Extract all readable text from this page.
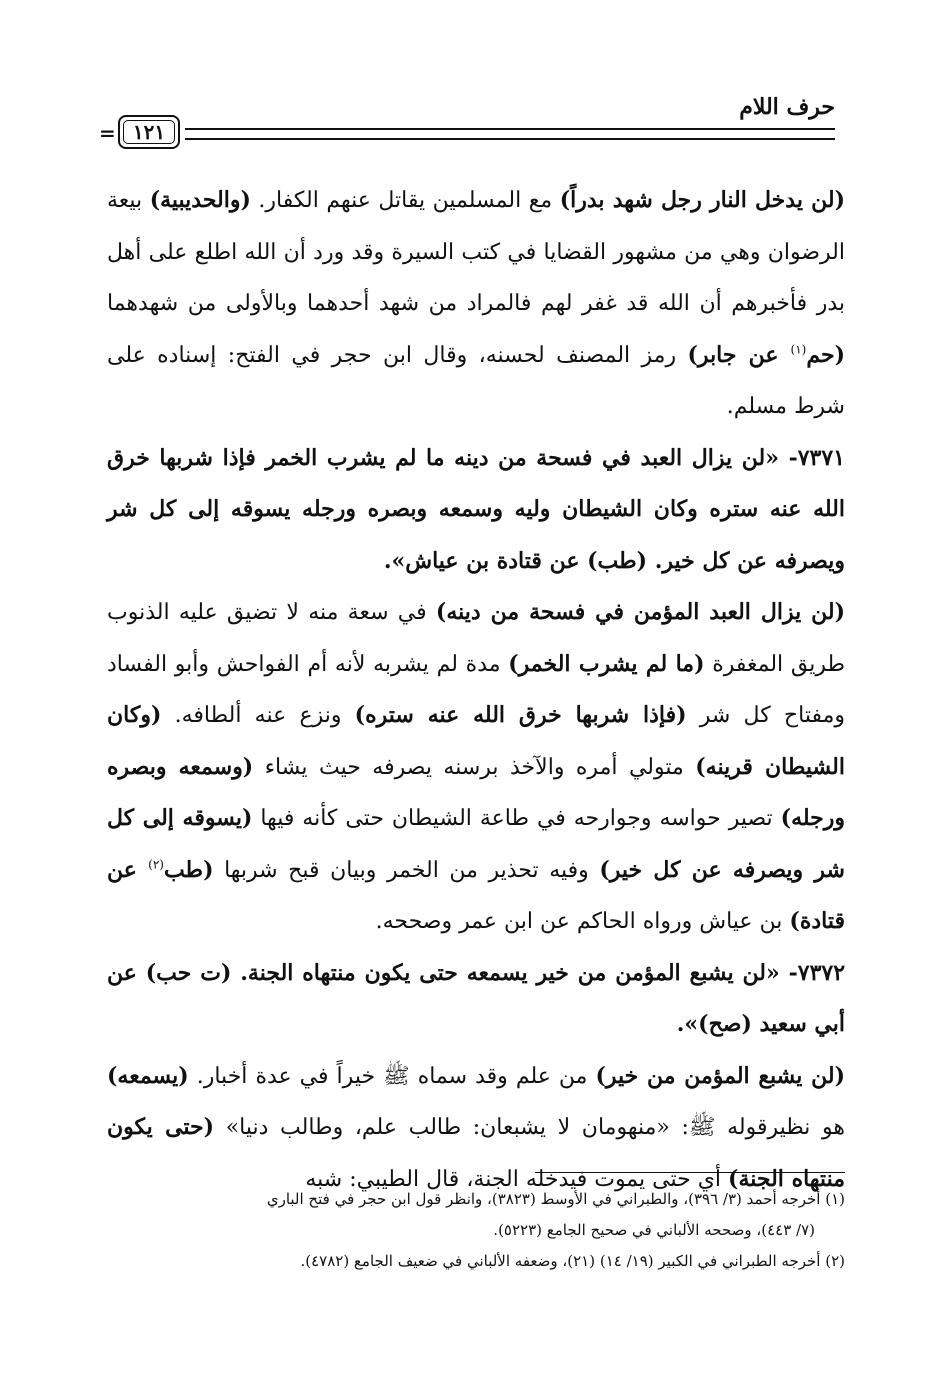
حرف اللام
١٢١
=

(لن يدخل النار رجل شهد بدراً) مع المسلمين يقاتل عنهم الكفار. (والحديبية) بيعة الرضوان وهي من مشهور القضايا في كتب السيرة وقد ورد أن الله اطلع على أهل بدر فأخبرهم أن الله قد غفر لهم فالمراد من شهد أحدهما وبالأولى من شهدهما (حم$^{(١)}$ عن جابر) رمز المصنف لحسنه، وقال ابن حجر في الفتح: إسناده على شرط مسلم.

٧٣٧١- «لن يزال العبد في فسحة من دينه ما لم يشرب الخمر فإذا شربها خرق الله عنه ستره وكان الشيطان وليه وسمعه وبصره ورجله يسوقه إلى كل شر ويصرفه عن كل خير. (طب) عن قتادة بن عياش».

(لن يزال العبد المؤمن في فسحة من دينه) في سعة منه لا تضيق عليه الذنوب طريق المغفرة (ما لم يشرب الخمر) مدة لم يشربه لأنه أم الفواحش وأبو الفساد ومفتاح كل شر (فإذا شربها خرق الله عنه ستره) ونزع عنه ألطافه. (وكان الشيطان قرينه) متولي أمره والآخذ برسنه يصرفه حيث يشاء (وسمعه وبصره ورجله) تصير حواسه وجوارحه في طاعة الشيطان حتى كأنه فيها (يسوقه إلى كل شر ويصرفه عن كل خير) وفيه تحذير من الخمر وبيان قبح شربها (طب$^{(٢)}$ عن قتادة) بن عياش ورواه الحاكم عن ابن عمر وصححه.

٧٣٧٢- «لن يشبع المؤمن من خير يسمعه حتى يكون منتهاه الجنة. (ت حب) عن أبي سعيد (صح)».

(لن يشبع المؤمن من خير) من علم وقد سماه ﷺ خيراً في عدة أخبار. (يسمعه) هو نظيرقوله ﷺ: «منهومان لا يشبعان: طالب علم، وطالب دنيا» (حتى يكون منتهاه الجنة) أي حتى يموت فيدخله الجنة، قال الطيبي: شبه

(١) أخرجه أحمد (٣/ ٣٩٦)، والطبراني في الأوسط (٣٨٢٣)، وانظر قول ابن حجر في فتح الباري

(٧/ ٤٤٣)، وصححه الألباني في صحيح الجامع (٥٢٢٣).

(٢) أخرجه الطبراني في الكبير (١٩/ ١٤) (٢١)، وضعفه الألباني في ضعيف الجامع (٤٧٨٢).
